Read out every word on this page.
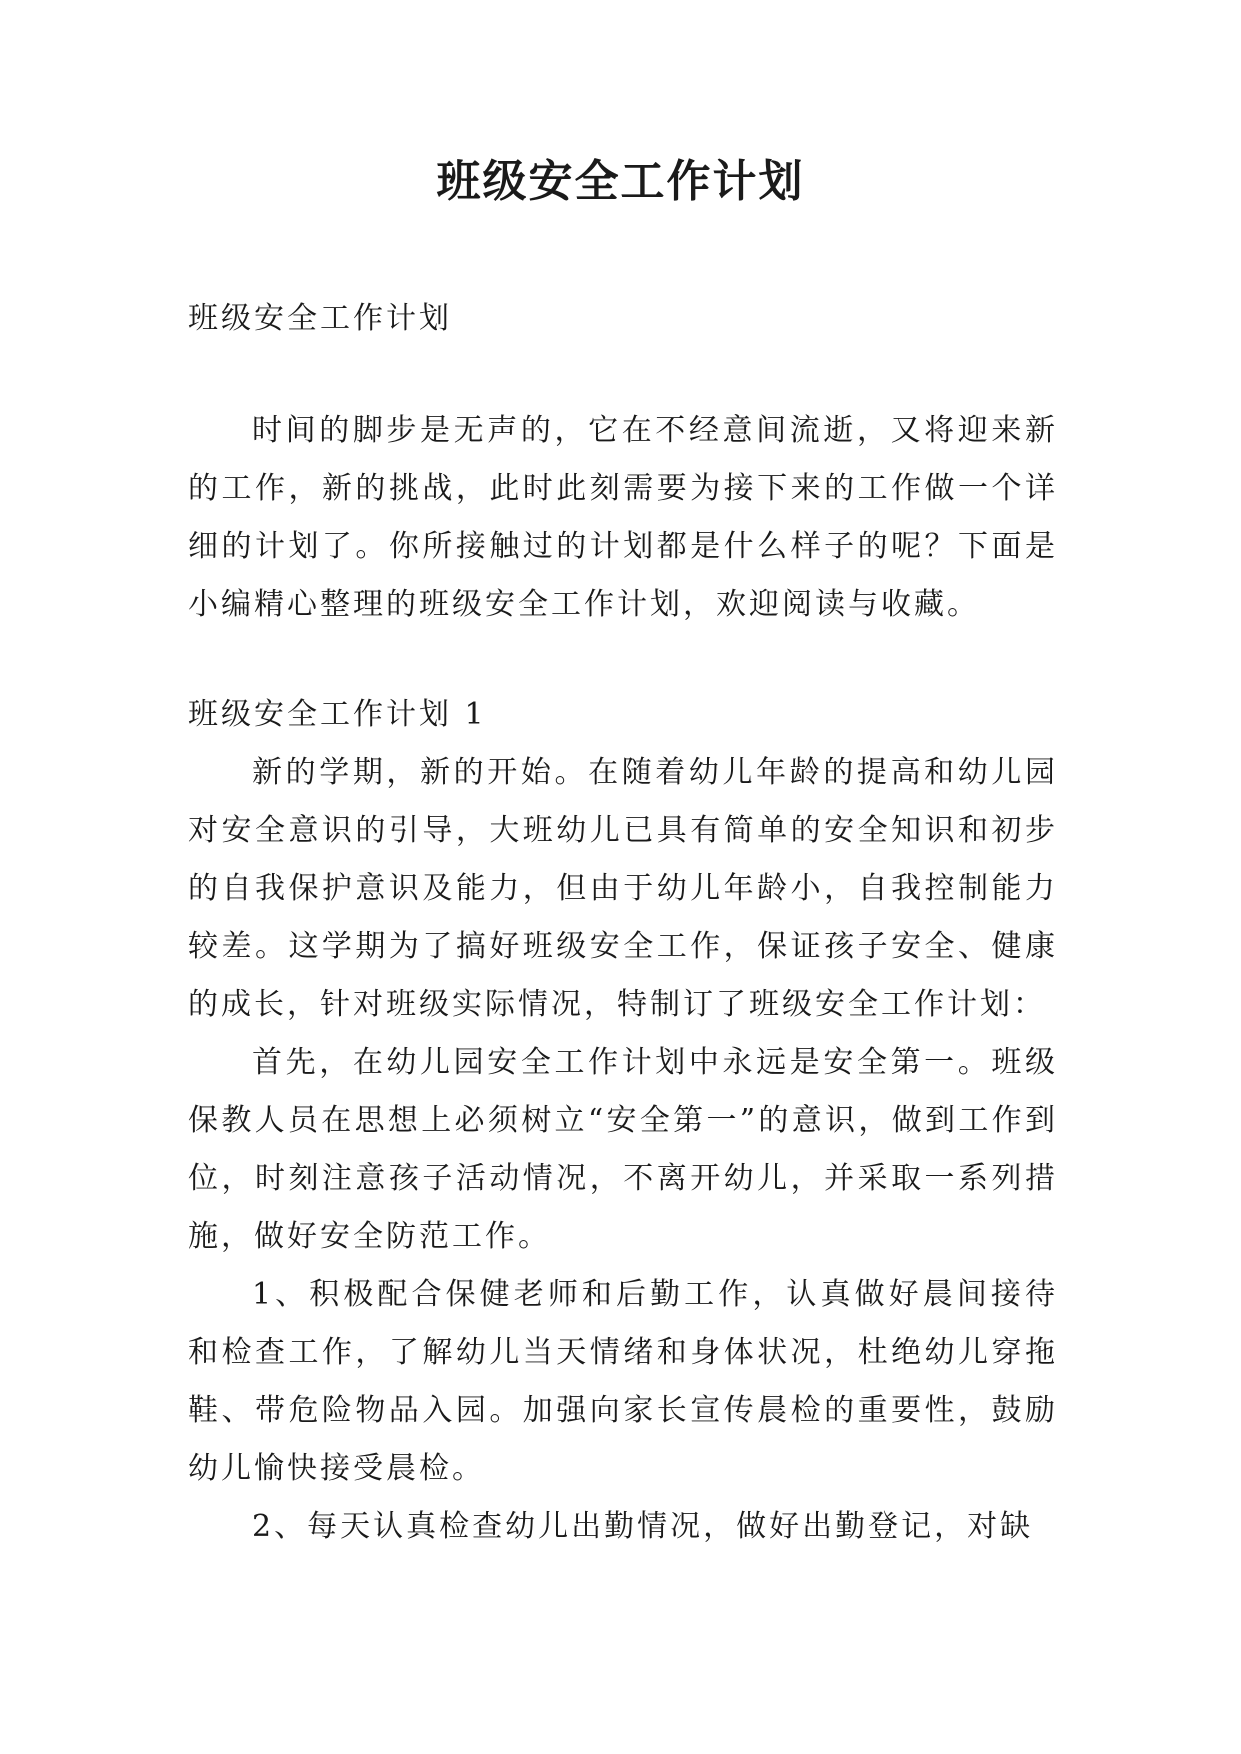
班级安全工作计划

班级安全工作计划

时间的脚步是无声的，它在不经意间流逝，又将迎来新的工作，新的挑战，此时此刻需要为接下来的工作做一个详细的计划了。你所接触过的计划都是什么样子的呢？下面是小编精心整理的班级安全工作计划，欢迎阅读与收藏。

班级安全工作计划 1

新的学期，新的开始。在随着幼儿年龄的提高和幼儿园对安全意识的引导，大班幼儿已具有简单的安全知识和初步的自我保护意识及能力，但由于幼儿年龄小，自我控制能力较差。这学期为了搞好班级安全工作，保证孩子安全、健康的成长，针对班级实际情况，特制订了班级安全工作计划：

首先，在幼儿园安全工作计划中永远是安全第一。班级保教人员在思想上必须树立“安全第一”的意识，做到工作到位，时刻注意孩子活动情况，不离开幼儿，并采取一系列措施，做好安全防范工作。

1、积极配合保健老师和后勤工作，认真做好晨间接待和检查工作，了解幼儿当天情绪和身体状况，杜绝幼儿穿拖鞋、带危险物品入园。加强向家长宣传晨检的重要性，鼓励幼儿愉快接受晨检。

2、每天认真检查幼儿出勤情况，做好出勤登记，对缺
